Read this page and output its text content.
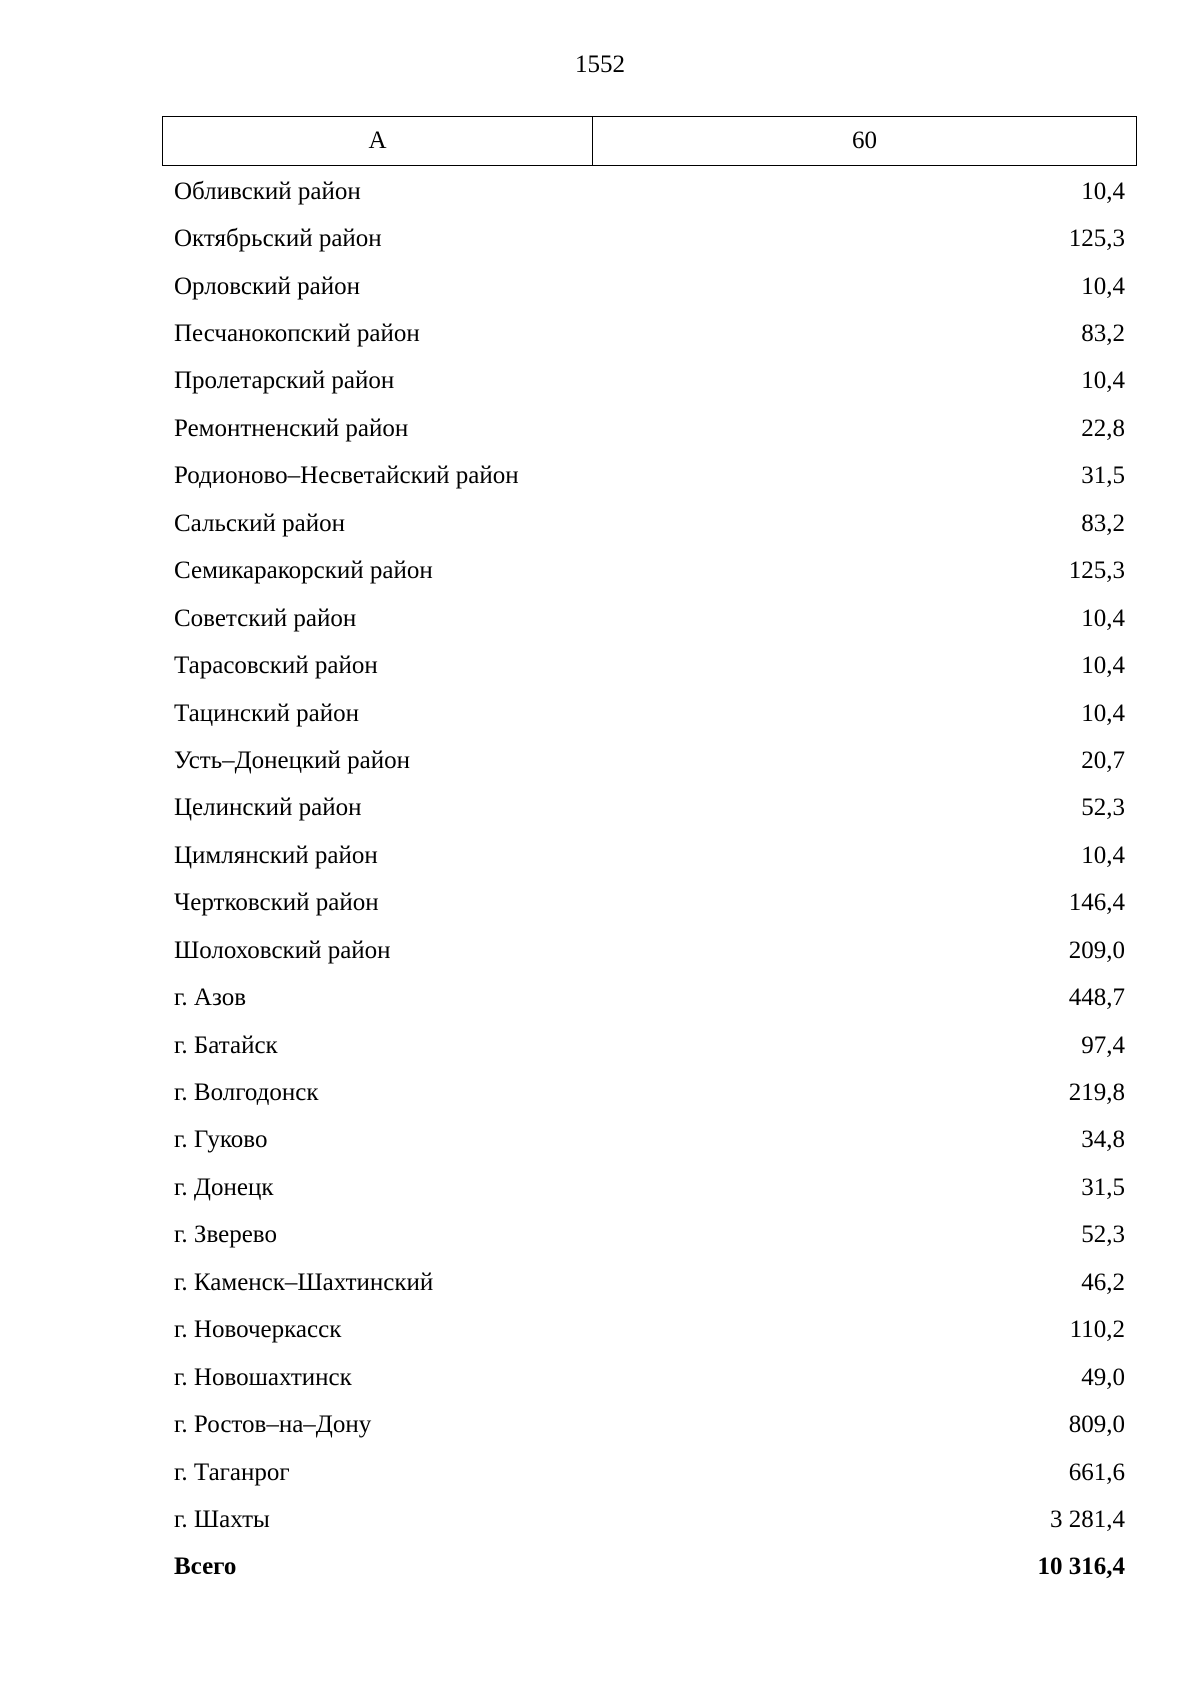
1552
А	60
Обливский район	10,4
Октябрьский район	125,3
Орловский район	10,4
Песчанокопский район	83,2
Пролетарский район	10,4
Ремонтненский район	22,8
Родионово–Несветайский район	31,5
Сальский район	83,2
Семикаракорский район	125,3
Советский район	10,4
Тарасовский район	10,4
Тацинский район	10,4
Усть–Донецкий район	20,7
Целинский район	52,3
Цимлянский район	10,4
Чертковский район	146,4
Шолоховский район	209,0
г. Азов	448,7
г. Батайск	97,4
г. Волгодонск	219,8
г. Гуково	34,8
г. Донецк	31,5
г. Зверево	52,3
г. Каменск–Шахтинский	46,2
г. Новочеркасск	110,2
г. Новошахтинск	49,0
г. Ростов–на–Дону	809,0
г. Таганрог	661,6
г. Шахты	3 281,4
Всего	10 316,4
